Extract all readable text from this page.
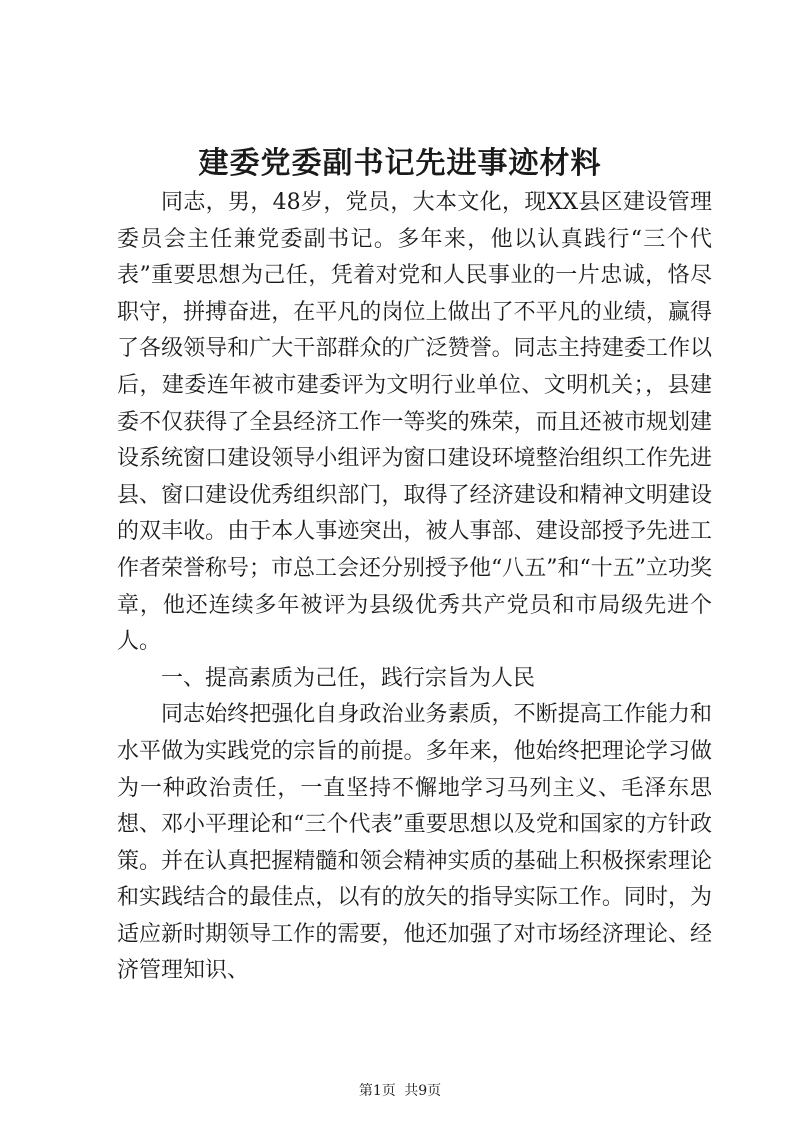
建委党委副书记先进事迹材料

同志，男，48岁，党员，大本文化，现XX县区建设管理委员会主任兼党委副书记。多年来，他以认真践行“三个代表”重要思想为己任，凭着对党和人民事业的一片忠诚，恪尽职守，拼搏奋进，在平凡的岗位上做出了不平凡的业绩，赢得了各级领导和广大干部群众的广泛赞誉。同志主持建委工作以后，建委连年被市建委评为文明行业单位、文明机关；，县建委不仅获得了全县经济工作一等奖的殊荣，而且还被市规划建设系统窗口建设领导小组评为窗口建设环境整治组织工作先进县、窗口建设优秀组织部门，取得了经济建设和精神文明建设的双丰收。由于本人事迹突出，被人事部、建设部授予先进工作者荣誉称号；市总工会还分别授予他“八五”和“十五”立功奖章，他还连续多年被评为县级优秀共产党员和市局级先进个人。

一、提高素质为己任，践行宗旨为人民

同志始终把强化自身政治业务素质，不断提高工作能力和水平做为实践党的宗旨的前提。多年来，他始终把理论学习做为一种政治责任，一直坚持不懈地学习马列主义、毛泽东思想、邓小平理论和“三个代表”重要思想以及党和国家的方针政策。并在认真把握精髓和领会精神实质的基础上积极探索理论和实践结合的最佳点，以有的放矢的指导实际工作。同时，为适应新时期领导工作的需要，他还加强了对市场经济理论、经济管理知识、

第1页 共9页
